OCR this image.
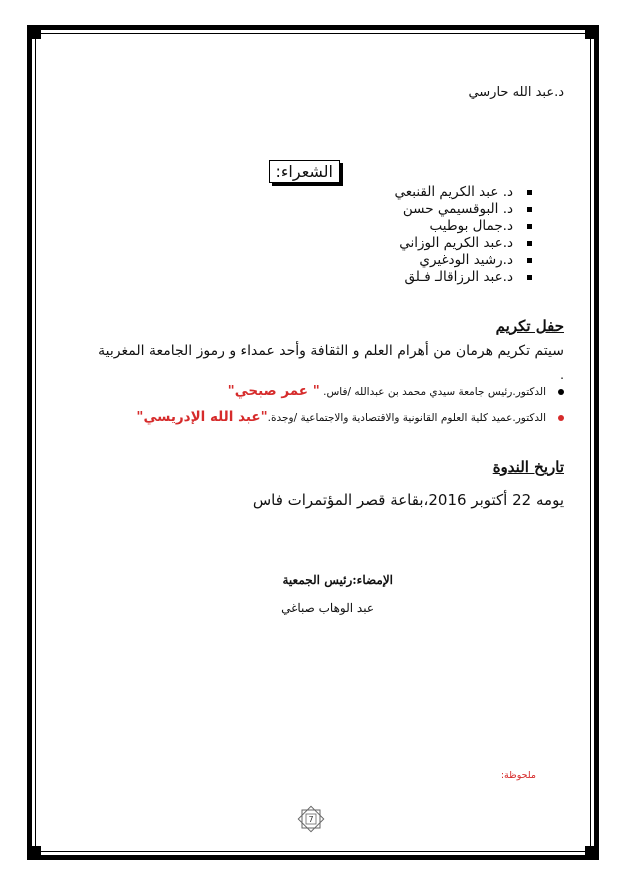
د.عبد الله حارسي
الشعراء:
د. عبد الكريم القنبعي
د. البوقسيمي حسن
د.جمال بوطيب
د.عبد الكريم الوزاني
د.رشيد الودغيري
د.عبد الرزاقالـ فـلق
حفل تكريم
سيتم تكريم هرمان من أهرام العلم و الثقافة وأحد عمداء و رموز الجامعة المغربية
.
الدكتور.رئيس جامعة سيدي محمد بن عبدالله /فاس. " عمر صبحي"
الدكتور.عميد كلية العلوم القانونية والاقتصادية والاجتماعية /وجدة."عبد الله الإدريسي"
تاريخ الندوة
يومه 22 أكتوبر 2016،بقاعة قصر المؤتمرات فاس
الإمضاء:رئيس الجمعية
عبد الوهاب صباغي
ملحوظة:
7
